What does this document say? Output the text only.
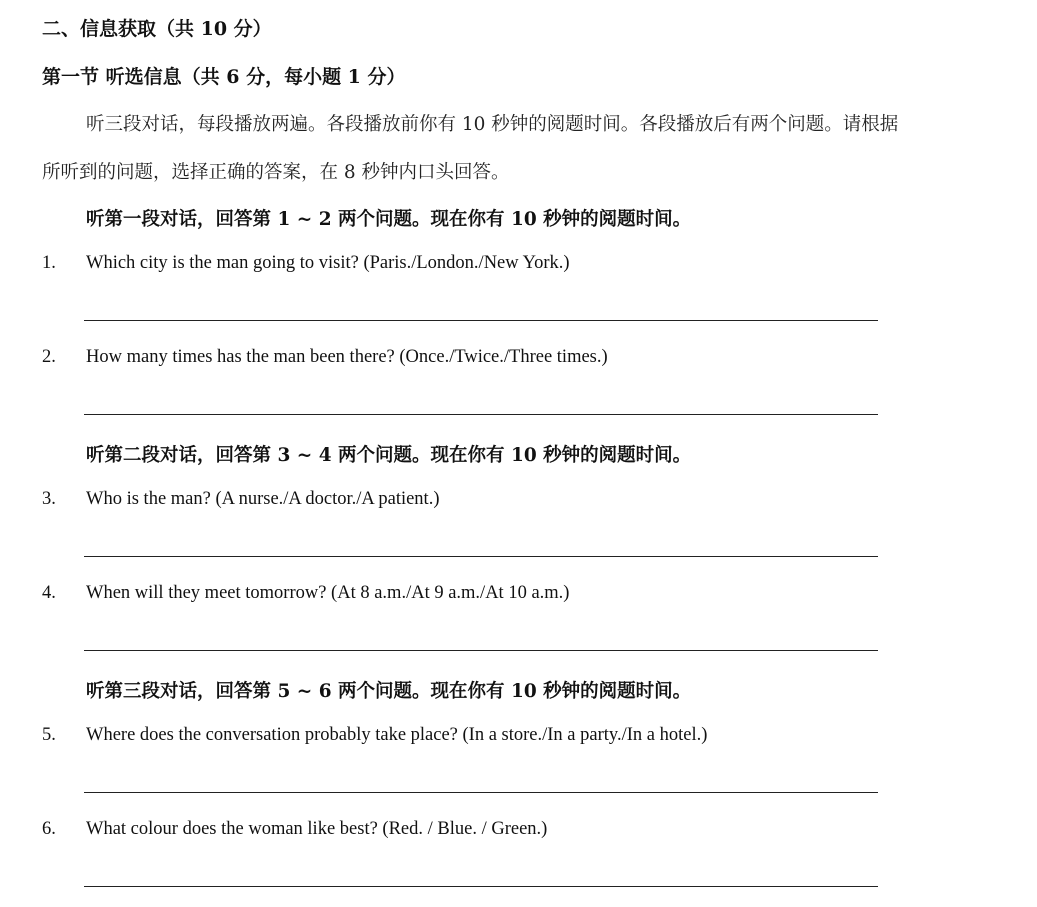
二、信息获取（共 10 分）
第一节 听选信息（共 6 分，每小题 1 分）
听三段对话，每段播放两遍。各段播放前你有 10 秒钟的阅题时间。各段播放后有两个问题。请根据
所听到的问题，选择正确的答案，在 8 秒钟内口头回答。
听第一段对话，回答第 1 ~ 2 两个问题。现在你有 10 秒钟的阅题时间。
1. Which city is the man going to visit? (Paris./London./New York.)
2. How many times has the man been there? (Once./Twice./Three times.)
听第二段对话，回答第 3 ~ 4 两个问题。现在你有 10 秒钟的阅题时间。
3. Who is the man? (A nurse./A doctor./A patient.)
4. When will they meet tomorrow? (At 8 a.m./At 9 a.m./At 10 a.m.)
听第三段对话，回答第 5 ~ 6 两个问题。现在你有 10 秒钟的阅题时间。
5. Where does the conversation probably take place? (In a store./In a party./In a hotel.)
6. What colour does the woman like best? (Red. / Blue. / Green.)
